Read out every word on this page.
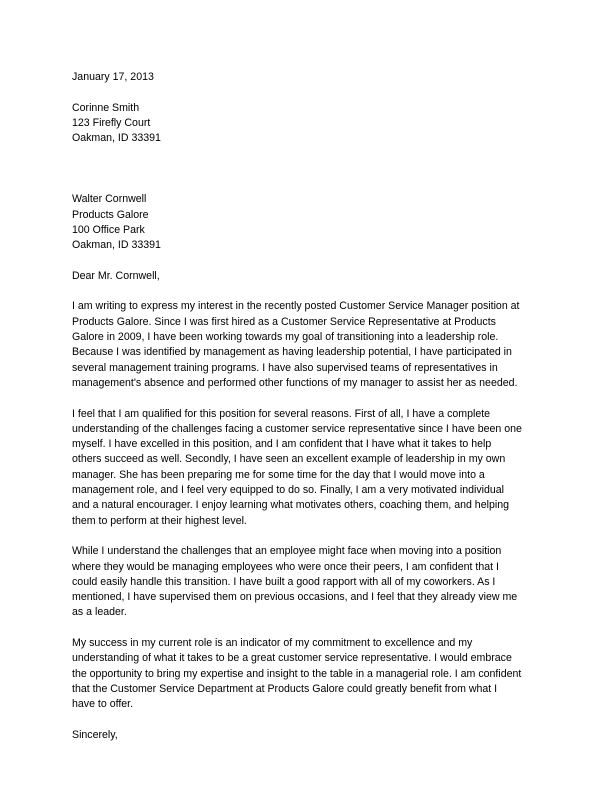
January 17, 2013
Corinne Smith
123 Firefly Court
Oakman, ID 33391
Walter Cornwell
Products Galore
100 Office Park
Oakman, ID 33391
Dear Mr. Cornwell,
I am writing to express my interest in the recently posted Customer Service Manager position at
Products Galore. Since I was first hired as a Customer Service Representative at Products
Galore in 2009, I have been working towards my goal of transitioning into a leadership role.
Because I was identified by management as having leadership potential, I have participated in
several management training programs. I have also supervised teams of representatives in
management's absence and performed other functions of my manager to assist her as needed.
I feel that I am qualified for this position for several reasons. First of all, I have a complete
understanding of the challenges facing a customer service representative since I have been one
myself. I have excelled in this position, and I am confident that I have what it takes to help
others succeed as well. Secondly, I have seen an excellent example of leadership in my own
manager. She has been preparing me for some time for the day that I would move into a
management role, and I feel very equipped to do so. Finally, I am a very motivated individual
and a natural encourager. I enjoy learning what motivates others, coaching them, and helping
them to perform at their highest level.
While I understand the challenges that an employee might face when moving into a position
where they would be managing employees who were once their peers, I am confident that I
could easily handle this transition. I have built a good rapport with all of my coworkers. As I
mentioned, I have supervised them on previous occasions, and I feel that they already view me
as a leader.
My success in my current role is an indicator of my commitment to excellence and my
understanding of what it takes to be a great customer service representative. I would embrace
the opportunity to bring my expertise and insight to the table in a managerial role. I am confident
that the Customer Service Department at Products Galore could greatly benefit from what I
have to offer.
Sincerely,
